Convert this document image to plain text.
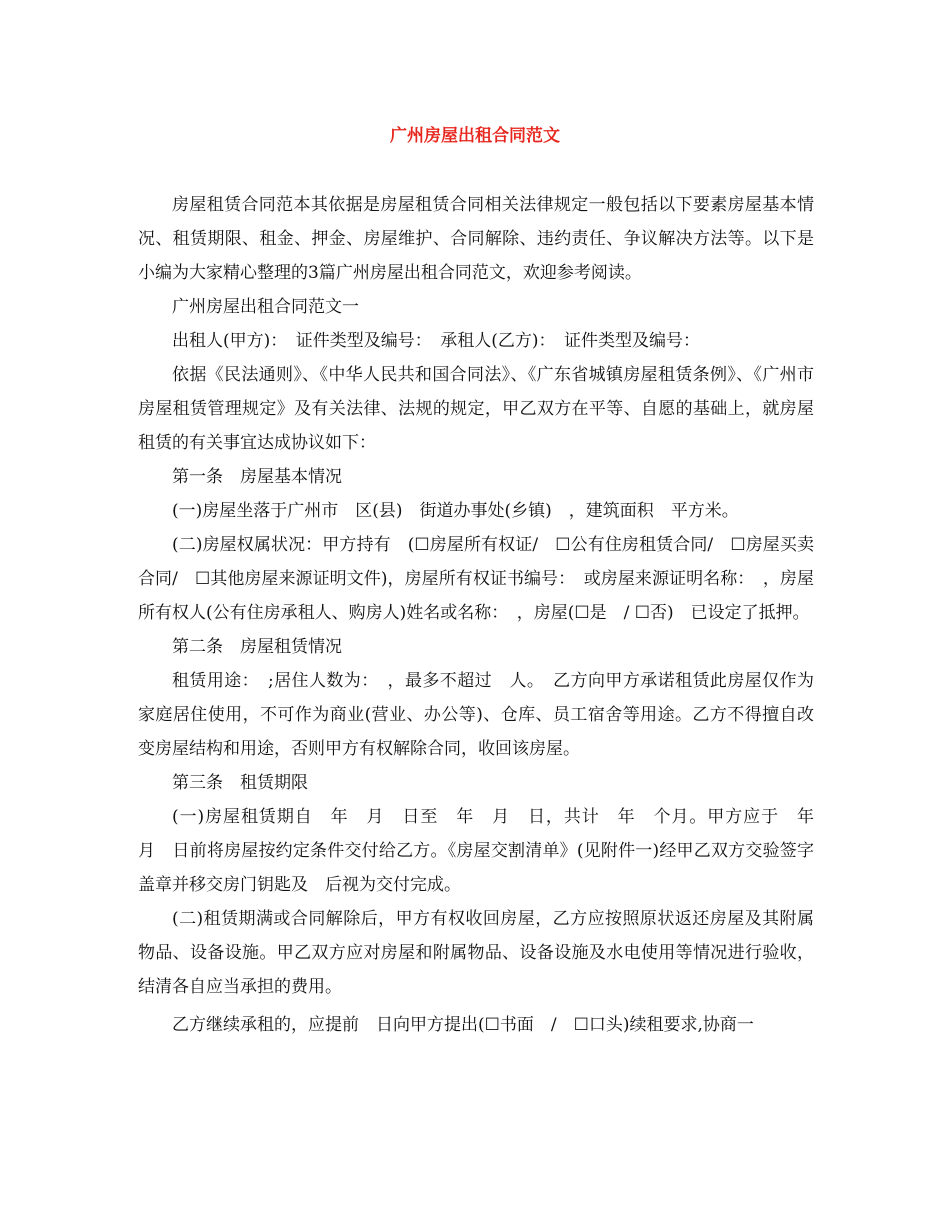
广州房屋出租合同范文

房屋租赁合同范本其依据是房屋租赁合同相关法律规定一般包括以下要素房屋基本情况、租赁期限、租金、押金、房屋维护、合同解除、违约责任、争议解决方法等。以下是小编为大家精心整理的3篇广州房屋出租合同范文，欢迎参考阅读。

广州房屋出租合同范文一

出租人(甲方)：　证件类型及编号：　承租人(乙方)：　证件类型及编号：

依据《民法通则》、《中华人民共和国合同法》、《广东省城镇房屋租赁条例》、《广州市房屋租赁管理规定》及有关法律、法规的规定，甲乙双方在平等、自愿的基础上，就房屋租赁的有关事宜达成协议如下：

第一条　房屋基本情况

(一)房屋坐落于广州市　区(县)　街道办事处(乡镇)　，建筑面积　平方米。

(二)房屋权属状况：甲方持有　(☐房屋所有权证/　☐公有住房租赁合同/　☐房屋买卖合同/　☐其他房屋来源证明文件)，房屋所有权证书编号：　或房屋来源证明名称：　，房屋所有权人(公有住房承租人、购房人)姓名或名称：　，房屋(☐是　/ ☐否)　已设定了抵押。

第二条　房屋租赁情况

租赁用途：　;居住人数为：　，最多不超过　人。　乙方向甲方承诺租赁此房屋仅作为家庭居住使用，不可作为商业(营业、办公等)、仓库、员工宿舍等用途。乙方不得擅自改变房屋结构和用途，否则甲方有权解除合同，收回该房屋。

第三条　租赁期限

(一)房屋租赁期自　年　月　日至　年　月　日，共计　年　个月。甲方应于　年　月　日前将房屋按约定条件交付给乙方。《房屋交割清单》(见附件一)经甲乙双方交验签字盖章并移交房门钥匙及　后视为交付完成。

(二)租赁期满或合同解除后，甲方有权收回房屋，乙方应按照原状返还房屋及其附属物品、设备设施。甲乙双方应对房屋和附属物品、设备设施及水电使用等情况进行验收，结清各自应当承担的费用。

乙方继续承租的，应提前　日向甲方提出(☐书面　/　☐口头)续租要求,协商一
